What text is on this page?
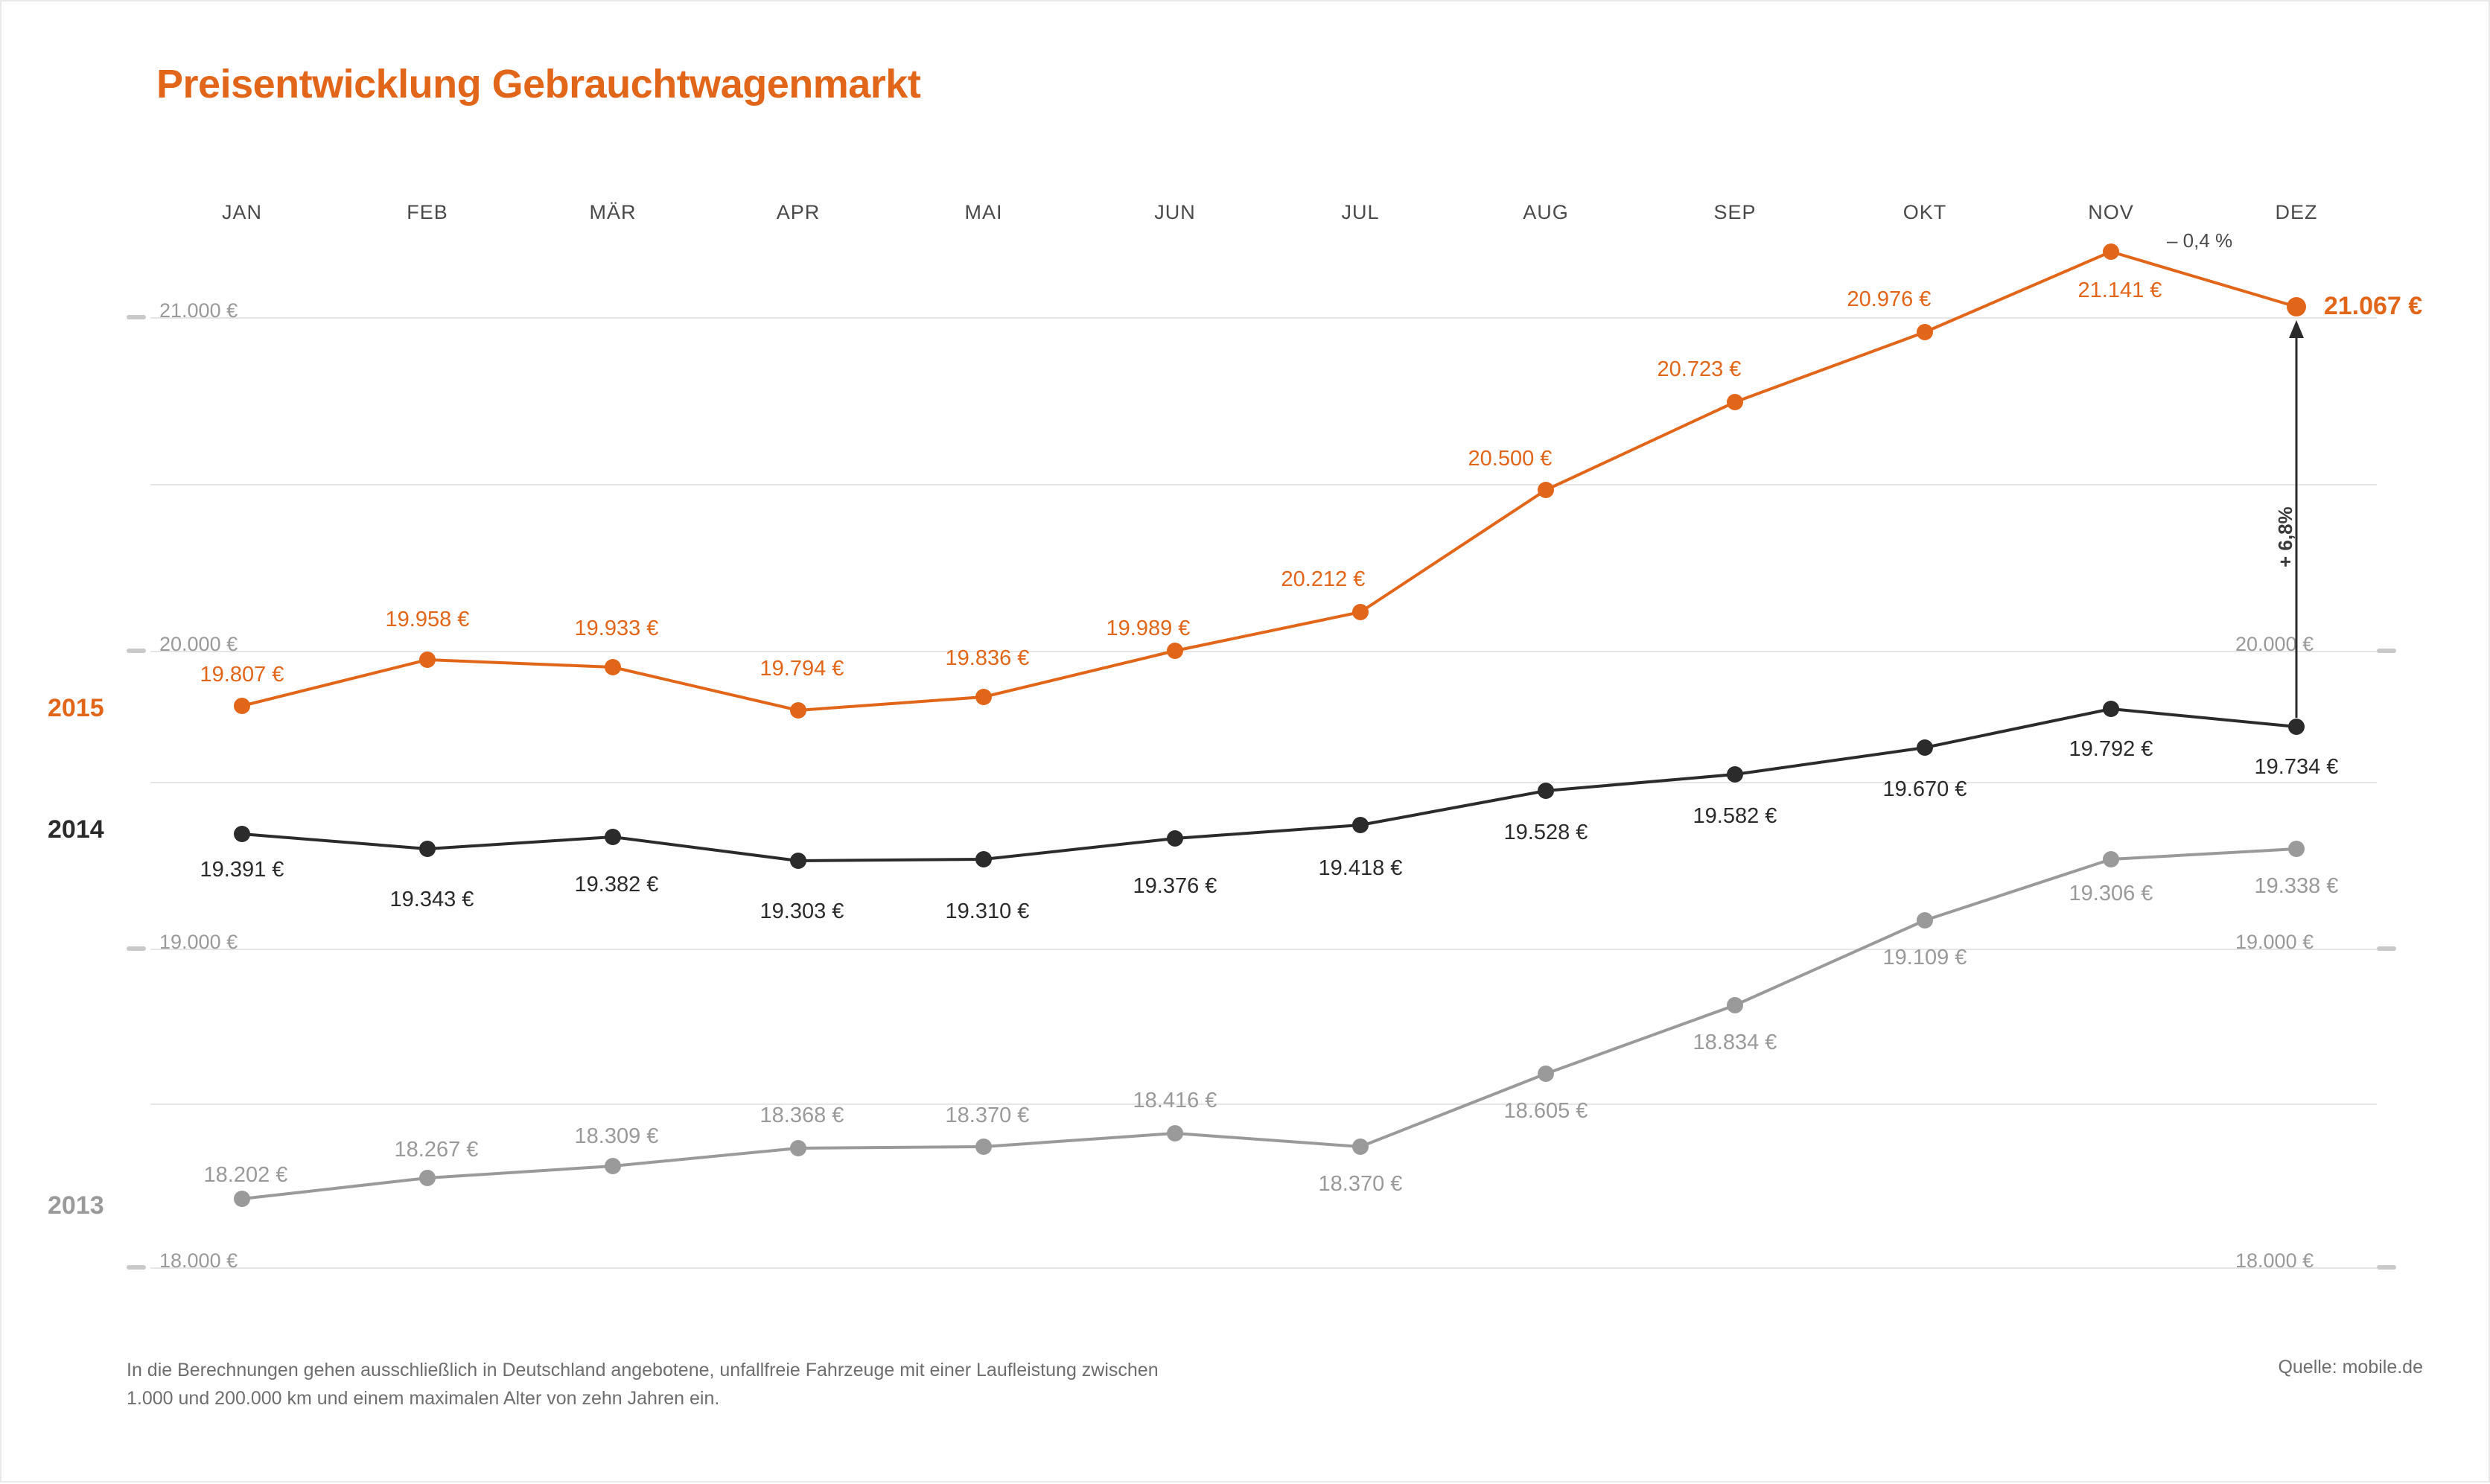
Preisentwicklung Gebrauchtwagenmarkt
21.000 €
20.000 €
19.000 €
18.000 €
20.000 €
19.000 €
18.000 €
JAN	FEB	MÄR	APR	MAI	JUN	JUL	AUG	SEP	OKT	NOV	DEZ
2015
2014
2013
19.807 €
19.958 €	19.933 €
19.794 €	19.836 €
19.989 €
20.212 €
20.500 €
20.723 €
20.976 €	21.141 €
21.067 €
19.391 €
19.343 €
19.382 €
19.303 €	19.310 €
19.376 €
19.418 €
19.528 €
19.582 €
19.670 €
19.792 €
19.734 €
18.202 €
18.267 €
18.309 €
18.368 €	18.370 €
18.416 €
18.370 €
18.605 €
18.834 €
19.109 €
19.306 €	19.338 €
– 0,4 %
+ 6,8%
In die Berechnungen gehen ausschließlich in Deutschland angebotene, unfallfreie Fahrzeuge mit einer Laufleistung zwischen 1.000 und 200.000 km und einem maximalen Alter von zehn Jahren ein.
Quelle: mobile.de
